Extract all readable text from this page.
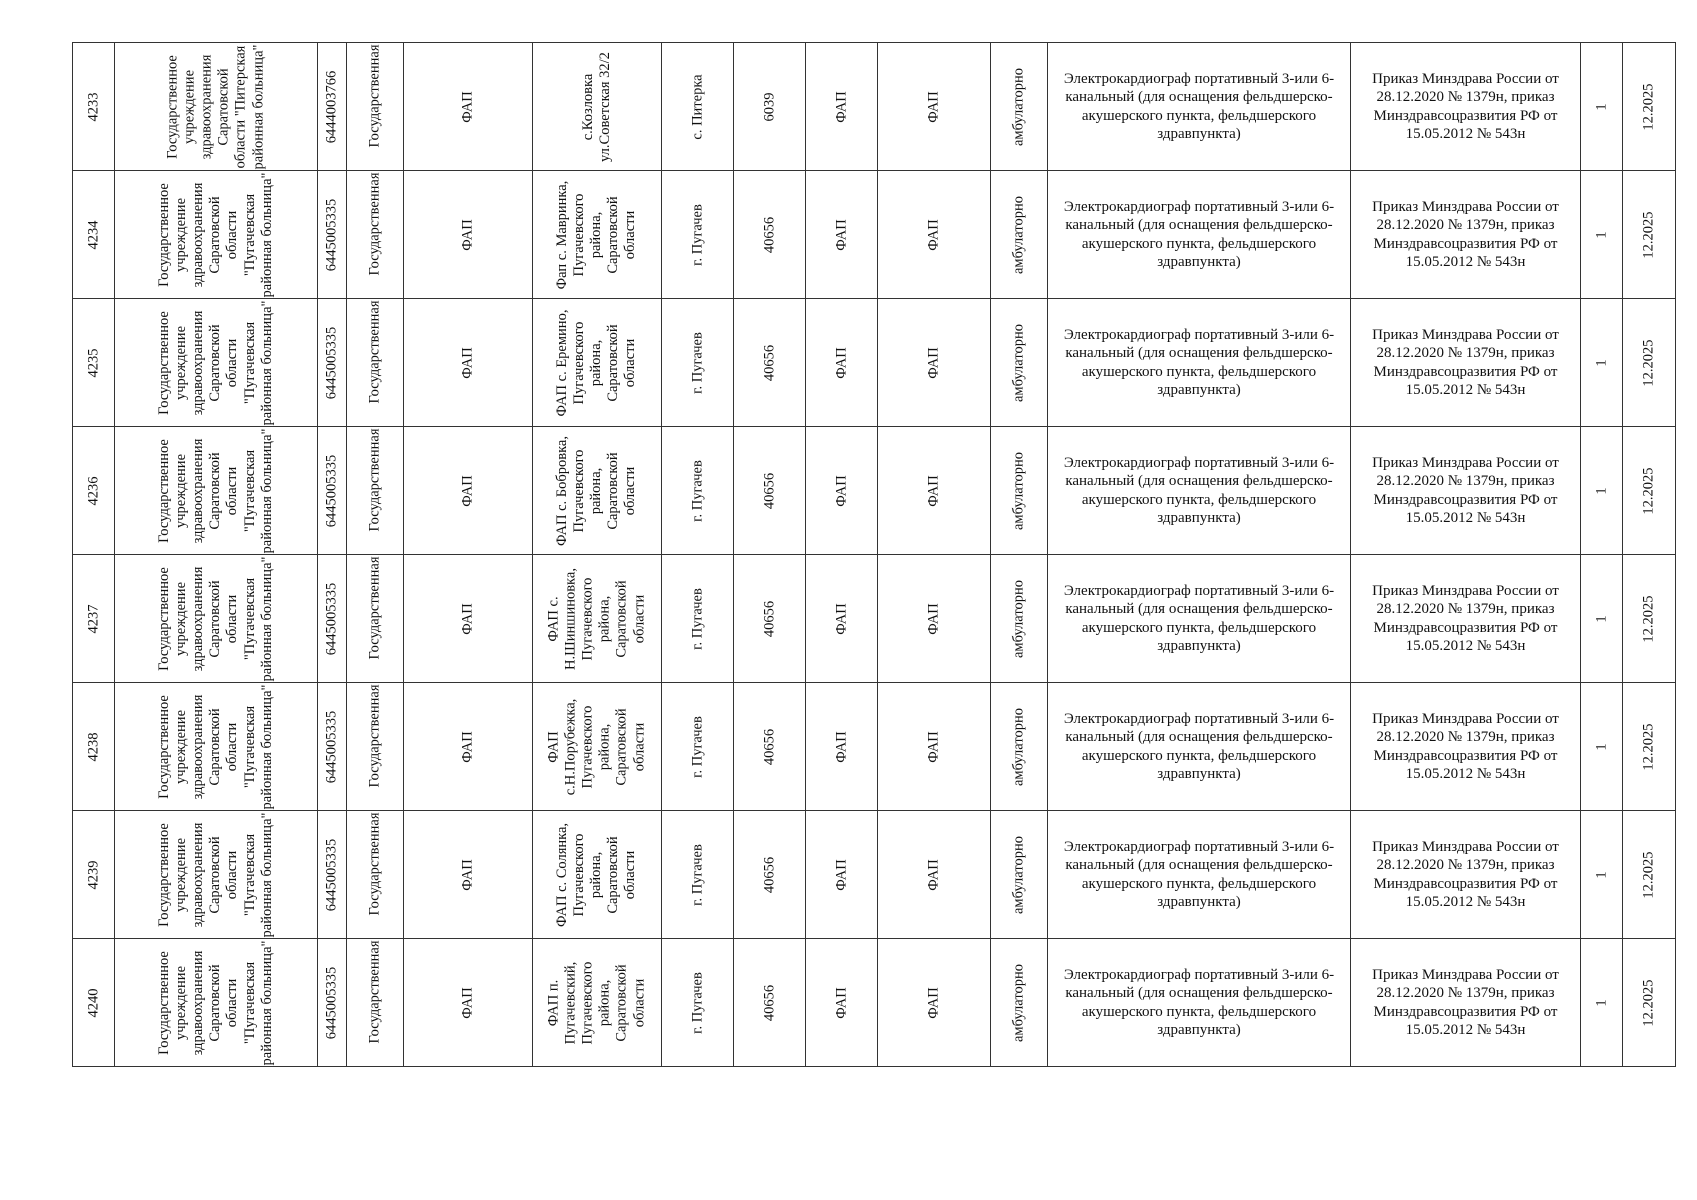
4233	Государственное учреждение здравоохранения Саратовской области "Питерская районная больница"	6444003766	Государственная	ФАП	с.Козловка ул.Советская 32/2	с. Питерка	6039	ФАП	ФАП	амбулаторно	Электрокардиограф портативный 3-или 6-канальный (для оснащения фельдшерско-акушерского пункта, фельдшерского здравпункта)	Приказ Минздрава России от 28.12.2020 № 1379н, приказ Минздравсоцразвития РФ от 15.05.2012 № 543н	1	12.2025

4234	Государственное учреждение здравоохранения Саратовской области "Пугачевская районная больница"	6445005335	Государственная	ФАП	Фап с. Мавринка, Пугачевского района, Саратовской области	г. Пугачев	40656	ФАП	ФАП	амбулаторно	Электрокардиограф портативный 3-или 6-канальный (для оснащения фельдшерско-акушерского пункта, фельдшерского здравпункта)	Приказ Минздрава России от 28.12.2020 № 1379н, приказ Минздравсоцразвития РФ от 15.05.2012 № 543н	1	12.2025

4235	Государственное учреждение здравоохранения Саратовской области "Пугачевская районная больница"	6445005335	Государственная	ФАП	ФАП с. Еремино, Пугачевского района, Саратовской области	г. Пугачев	40656	ФАП	ФАП	амбулаторно	Электрокардиограф портативный 3-или 6-канальный (для оснащения фельдшерско-акушерского пункта, фельдшерского здравпункта)	Приказ Минздрава России от 28.12.2020 № 1379н, приказ Минздравсоцразвития РФ от 15.05.2012 № 543н	1	12.2025

4236	Государственное учреждение здравоохранения Саратовской области "Пугачевская районная больница"	6445005335	Государственная	ФАП	ФАП с. Бобровка, Пугачевского района, Саратовской области	г. Пугачев	40656	ФАП	ФАП	амбулаторно	Электрокардиограф портативный 3-или 6-канальный (для оснащения фельдшерско-акушерского пункта, фельдшерского здравпункта)	Приказ Минздрава России от 28.12.2020 № 1379н, приказ Минздравсоцразвития РФ от 15.05.2012 № 543н	1	12.2025

4237	Государственное учреждение здравоохранения Саратовской области "Пугачевская районная больница"	6445005335	Государственная	ФАП	ФАП с. Н.Шиншиновка, Пугачевского района, Саратовской области	г. Пугачев	40656	ФАП	ФАП	амбулаторно	Электрокардиограф портативный 3-или 6-канальный (для оснащения фельдшерско-акушерского пункта, фельдшерского здравпункта)	Приказ Минздрава России от 28.12.2020 № 1379н, приказ Минздравсоцразвития РФ от 15.05.2012 № 543н	1	12.2025

4238	Государственное учреждение здравоохранения Саратовской области "Пугачевская районная больница"	6445005335	Государственная	ФАП	ФАП с.Н.Порубежка, Пугачевского района, Саратовской области	г. Пугачев	40656	ФАП	ФАП	амбулаторно	Электрокардиограф портативный 3-или 6-канальный (для оснащения фельдшерско-акушерского пункта, фельдшерского здравпункта)	Приказ Минздрава России от 28.12.2020 № 1379н, приказ Минздравсоцразвития РФ от 15.05.2012 № 543н	1	12.2025

4239	Государственное учреждение здравоохранения Саратовской области "Пугачевская районная больница"	6445005335	Государственная	ФАП	ФАП с. Солянка, Пугачевского района, Саратовской области	г. Пугачев	40656	ФАП	ФАП	амбулаторно	Электрокардиограф портативный 3-или 6-канальный (для оснащения фельдшерско-акушерского пункта, фельдшерского здравпункта)	Приказ Минздрава России от 28.12.2020 № 1379н, приказ Минздравсоцразвития РФ от 15.05.2012 № 543н	1	12.2025

4240	Государственное учреждение здравоохранения Саратовской области "Пугачевская районная больница"	6445005335	Государственная	ФАП	ФАП п. Пугачевский, Пугачевского района, Саратовской области	г. Пугачев	40656	ФАП	ФАП	амбулаторно	Электрокардиограф портативный 3-или 6-канальный (для оснащения фельдшерско-акушерского пункта, фельдшерского здравпункта)	Приказ Минздрава России от 28.12.2020 № 1379н, приказ Минздравсоцразвития РФ от 15.05.2012 № 543н	1	12.2025
